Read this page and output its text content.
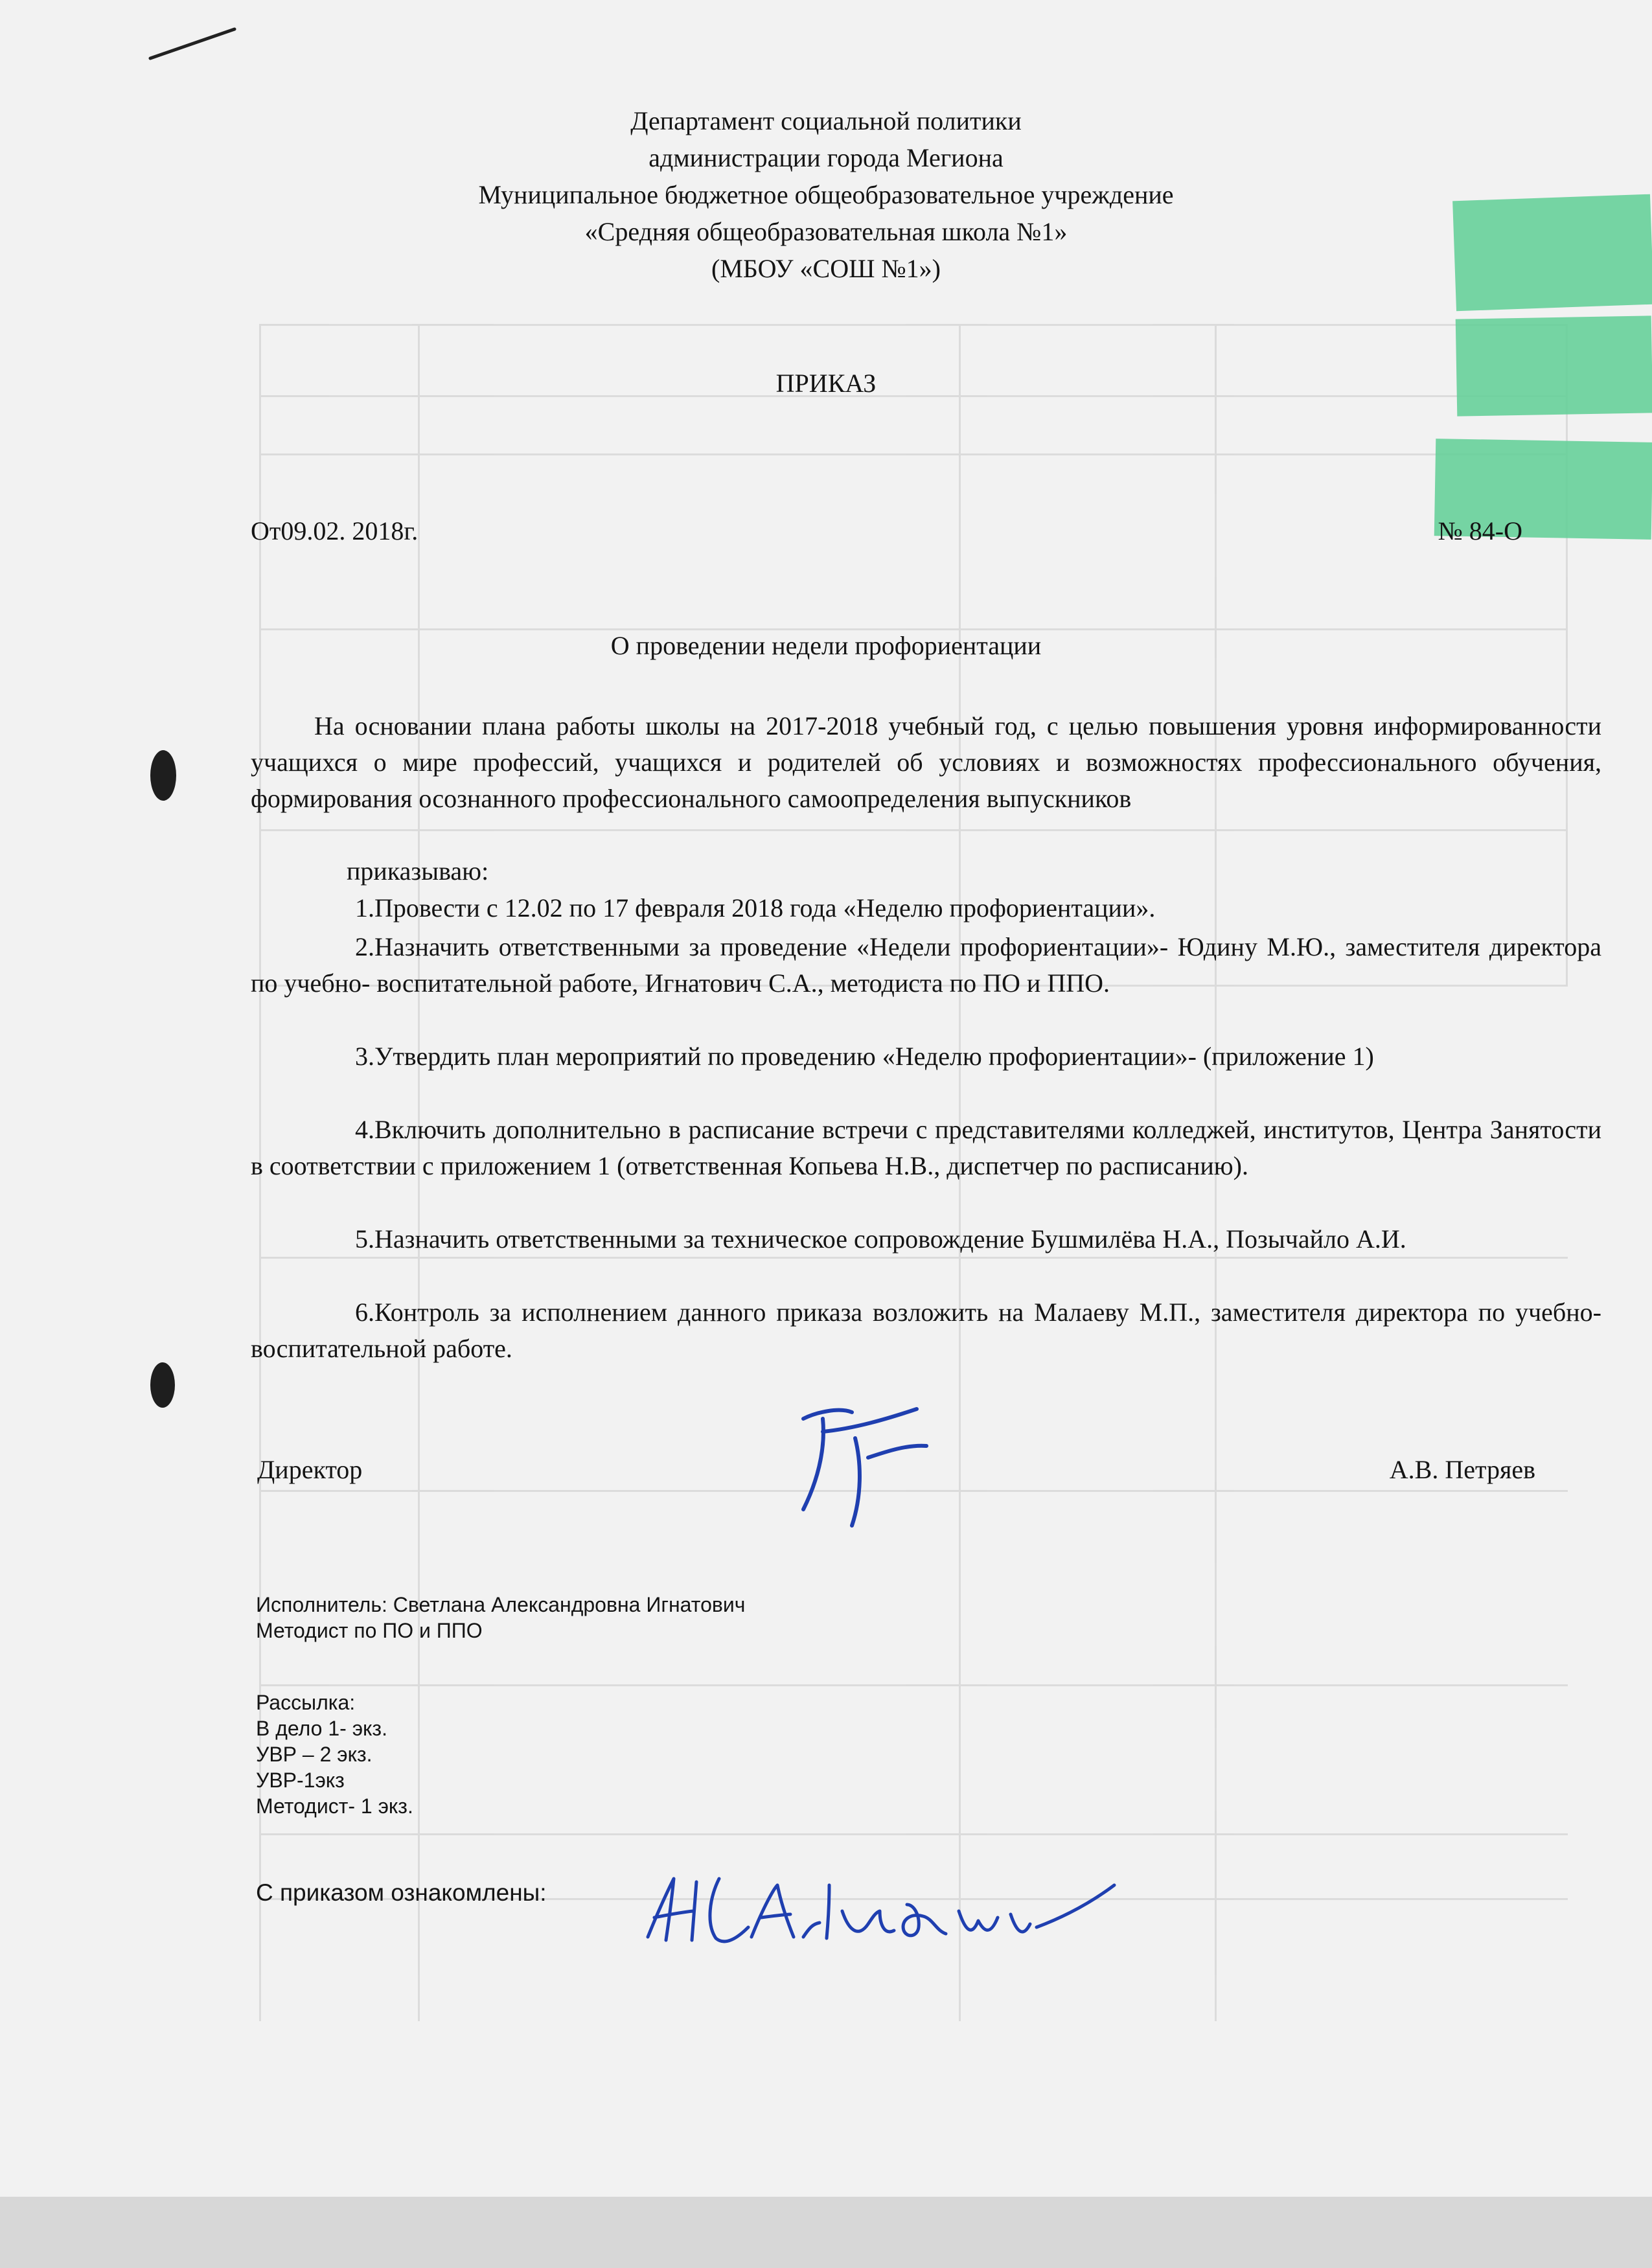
Департамент социальной политики
администрации города Мегиона
Муниципальное бюджетное общеобразовательное учреждение
«Средняя общеобразовательная школа №1»
(МБОУ «СОШ №1»)
ПРИКАЗ
От09.02. 2018г.	№ 84-О
О проведении недели профориентации
На основании плана работы школы на 2017-2018 учебный год, с целью повышения уровня информированности учащихся о мире профессий, учащихся и родителей об условиях и возможностях профессионального обучения, формирования осознанного профессионального самоопределения выпускников
приказываю:
1.Провести с 12.02 по 17 февраля 2018 года «Неделю профориентации».
2.Назначить ответственными за проведение «Недели профориентации»- Юдину М.Ю., заместителя директора по учебно- воспитательной работе, Игнатович С.А., методиста по ПО и ППО.
3.Утвердить план мероприятий по проведению «Неделю профориентации»- (приложение 1)
4.Включить дополнительно в расписание встречи с представителями колледжей, институтов, Центра Занятости в соответствии с приложением 1 (ответственная Копьева Н.В., диспетчер по расписанию).
5.Назначить ответственными за техническое сопровождение Бушмилёва Н.А., Позычайло А.И.
6.Контроль за исполнением данного приказа возложить на Малаеву М.П., заместителя директора по учебно- воспитательной работе.
Директор	А.В. Петряев
Исполнитель: Светлана Александровна Игнатович
Методист по ПО и ППО
Рассылка:
В дело 1- экз.
УВР – 2 экз.
УВР-1экз
Методист- 1 экз.
С приказом ознакомлены:
